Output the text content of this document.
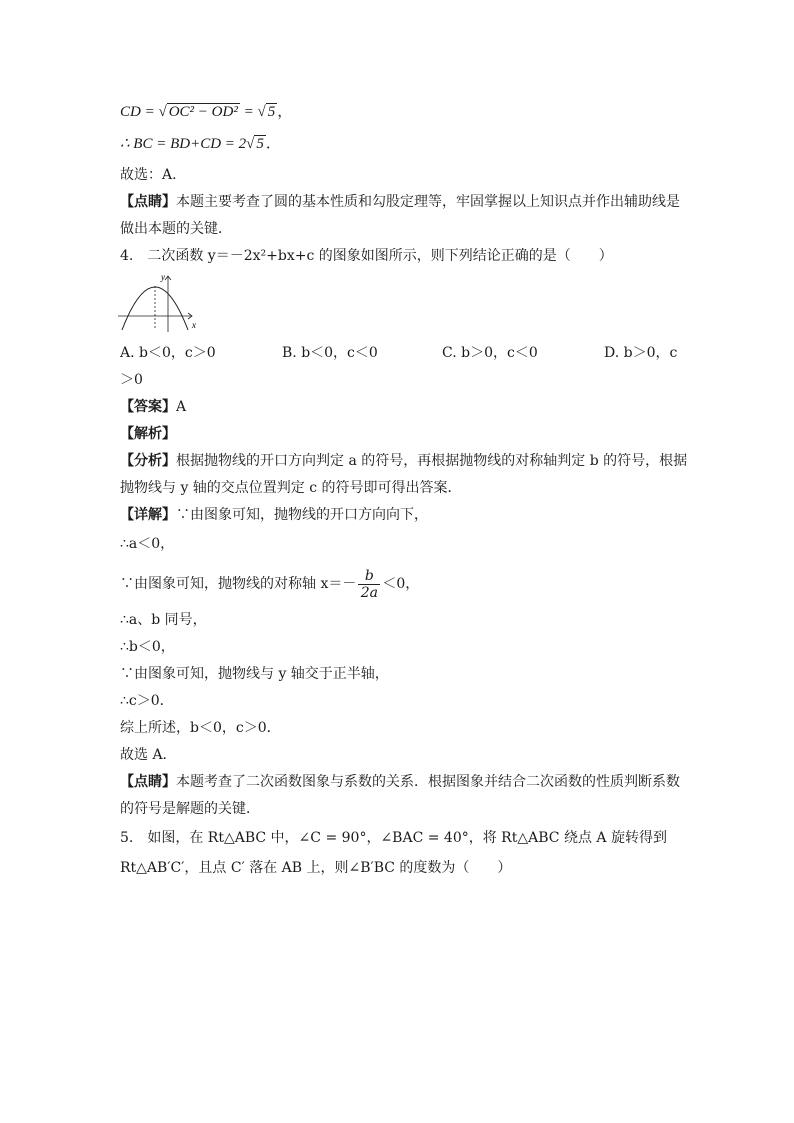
CD = √ OC² − OD² = √ 5 ，
∴ BC = BD+CD = 2√ 5 ．
故选：A.
【点睛】本题主要考查了圆的基本性质和勾股定理等，牢固掌握以上知识点并作出辅助线是
做出本题的关键．
4.　二次函数 y＝－2x²+bx+c 的图象如图所示，则下列结论正确的是（　　）
x
y
A. b＜0，c＞0	B. b＜0，c＜0	C. b＞0，c＜0	D. b＞0，c
＞0
【答案】A
【解析】
【分析】根据抛物线的开口方向判定 a 的符号，再根据抛物线的对称轴判定 b 的符号，根据
抛物线与 y 轴的交点位置判定 c 的符号即可得出答案．
【详解】∵由图象可知，抛物线的开口方向向下，
∴a＜0，
∵由图象可知，抛物线的对称轴 $x=- \frac{b}{2a} <0$，
∴a、b 同号，
∴b＜0，
∵由图象可知，抛物线与 y 轴交于正半轴，
∴c＞0．
综上所述，b＜0，c＞0．
故选 A．
【点睛】本题考查了二次函数图象与系数的关系．根据图象并结合二次函数的性质判断系数
的符号是解题的关键．
5.　如图，在 Rt△ABC 中，∠C = 90°，∠BAC = 40°，将 Rt△ABC 绕点 A 旋转得到
Rt△AB′C′，且点 C′ 落在 AB 上，则∠B′BC 的度数为（　　）
